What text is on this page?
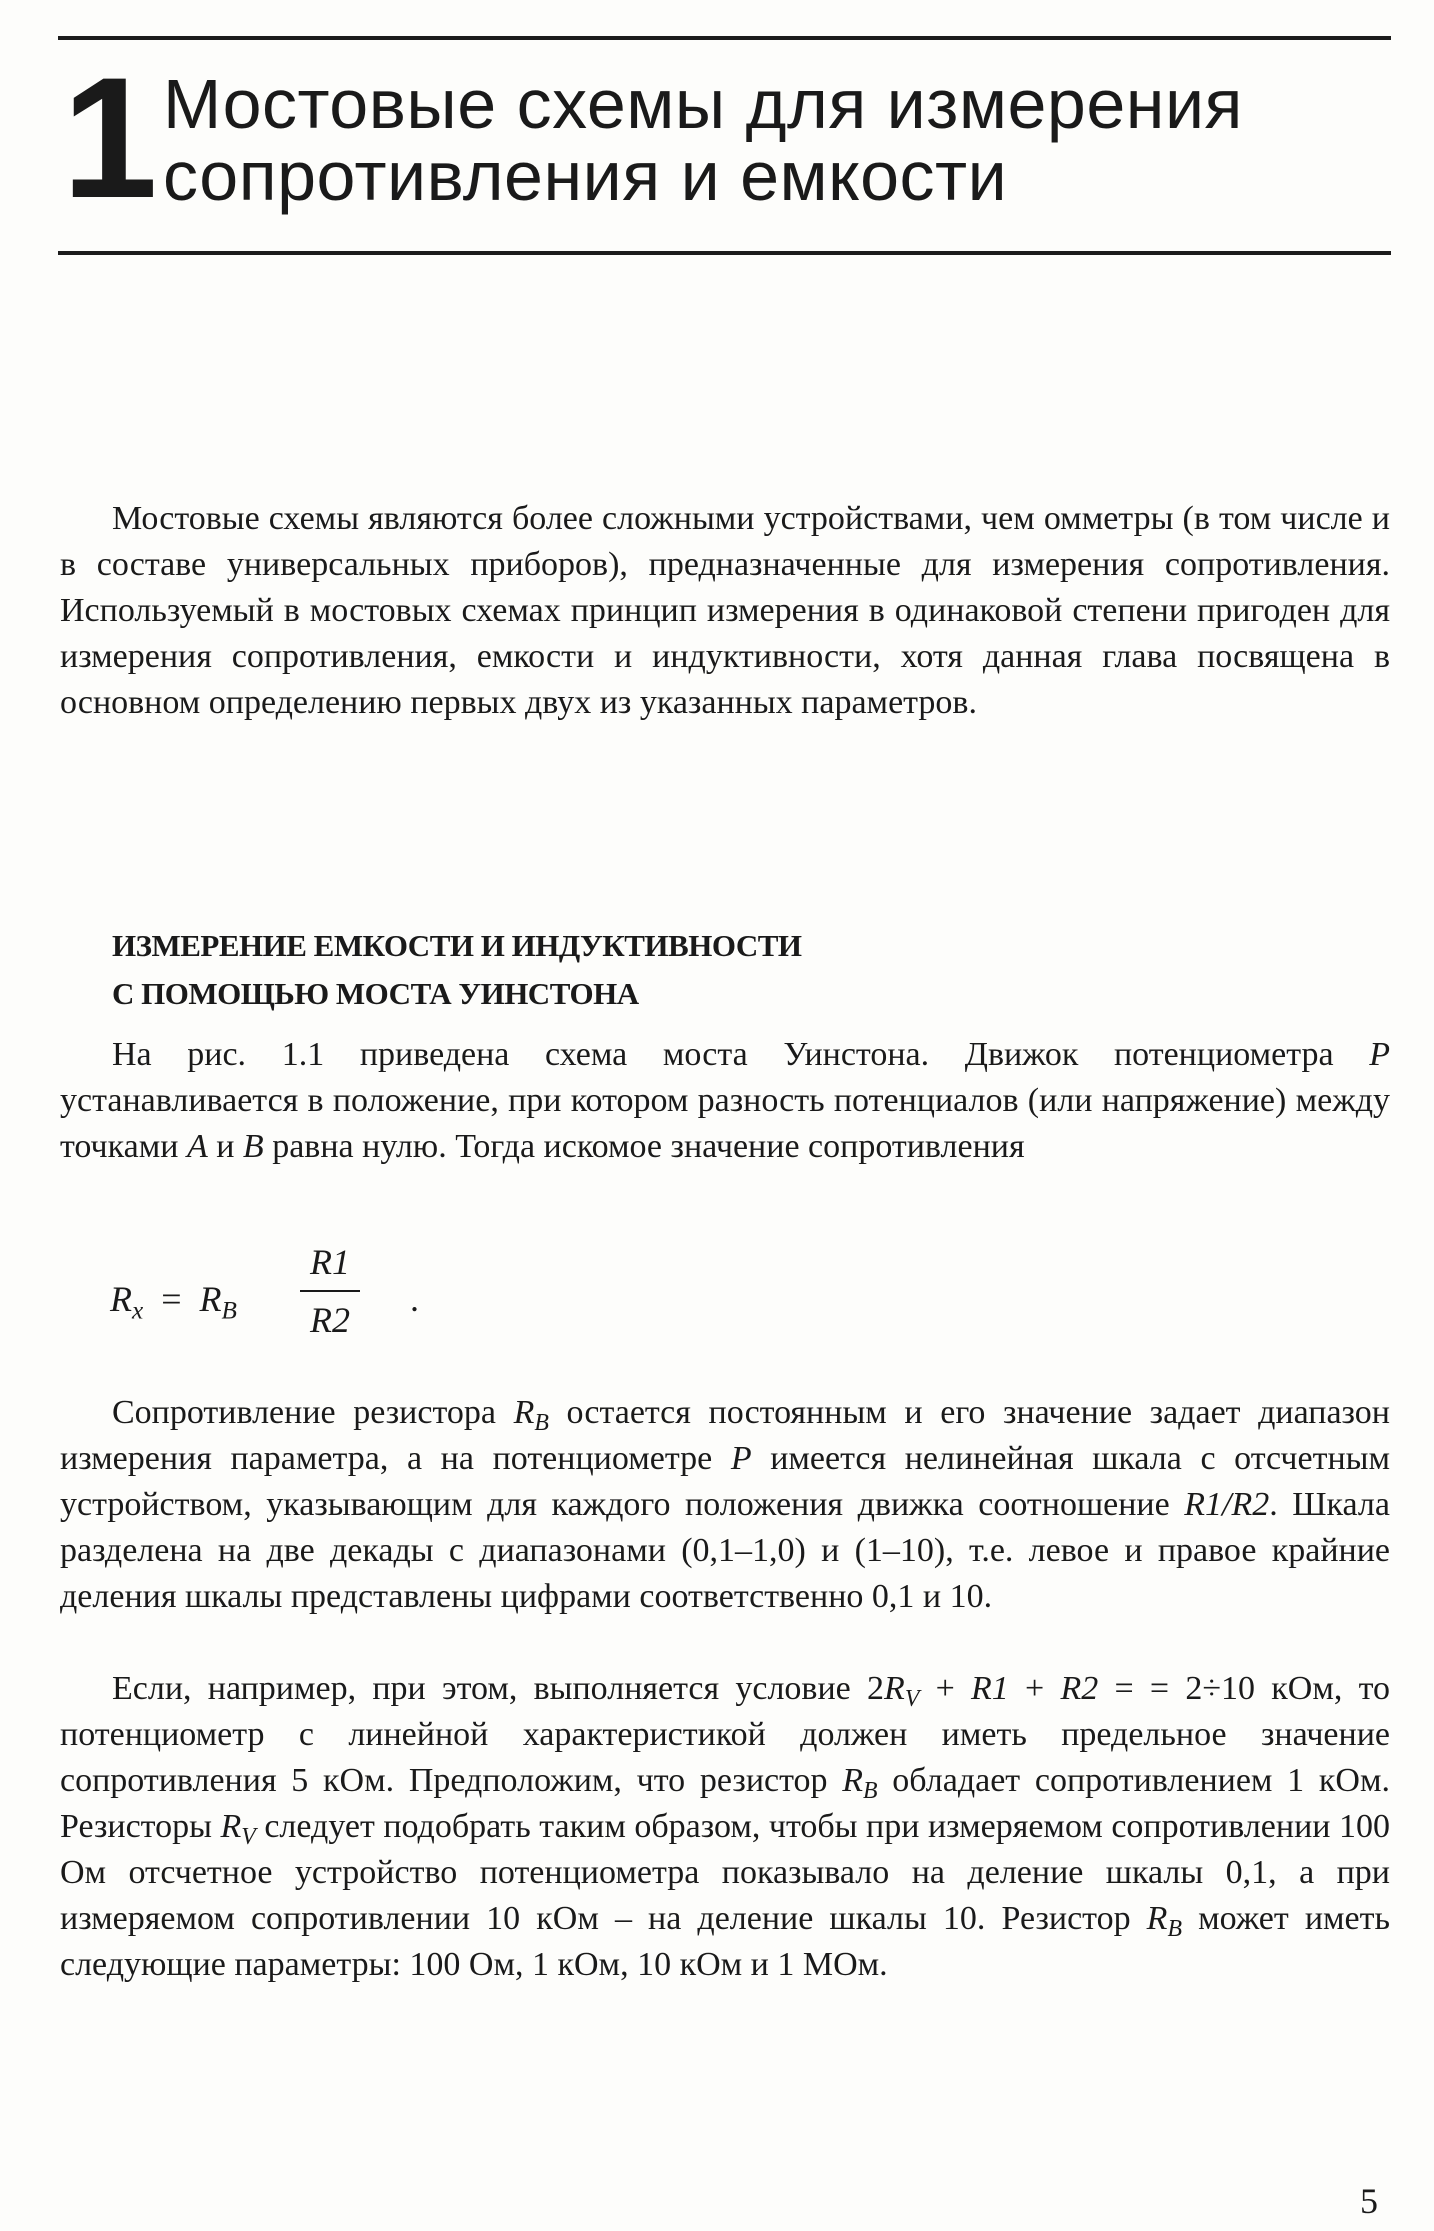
1 Мостовые схемы для измерения
сопротивления и емкости

Мостовые схемы являются более сложными устройствами, чем омметры (в том числе и в составе универсальных приборов), предназначенные для измерения сопротивления. Используемый в мостовых схемах принцип измерения в одинаковой степени пригоден для измерения сопротивления, емкости и индуктивности, хотя данная глава посвящена в основном определению первых двух из указанных параметров.

ИЗМЕРЕНИЕ ЕМКОСТИ И ИНДУКТИВНОСТИ
С ПОМОЩЬЮ МОСТА УИНСТОНА

На рис. 1.1 приведена схема моста Уинстона. Движок потенциометра P устанавливается в положение, при котором разность потенциалов (или напряжение) между точками A и B равна нулю. Тогда искомое значение сопротивления

$R_x = R_B$
R1
R2
.

Сопротивление резистора $R_B$ остается постоянным и его значение задает диапазон измерения параметра, а на потенциометре P имеется нелинейная шкала с отсчетным устройством, указывающим для каждого положения движка соотношение R1/R2. Шкала разделена на две декады с диапазонами (0,1–1,0) и (1–10), т.е. левое и правое крайние деления шкалы представлены цифрами соответственно 0,1 и 10.

Если, например, при этом, выполняется условие $2R_V + R1 + R2$ = = 2÷10 кОм, то потенциометр с линейной характеристикой должен иметь предельное значение сопротивления 5 кОм. Предположим, что резистор $R_B$ обладает сопротивлением 1 кОм. Резисторы $R_V$ следует подобрать таким образом, чтобы при измеряемом сопротивлении 100 Ом отсчетное устройство потенциометра показывало на деление шкалы 0,1, а при измеряемом сопротивлении 10 кОм – на деление шкалы 10. Резистор $R_B$ может иметь следующие параметры: 100 Ом, 1 кОм, 10 кОм и 1 МОм.

5
